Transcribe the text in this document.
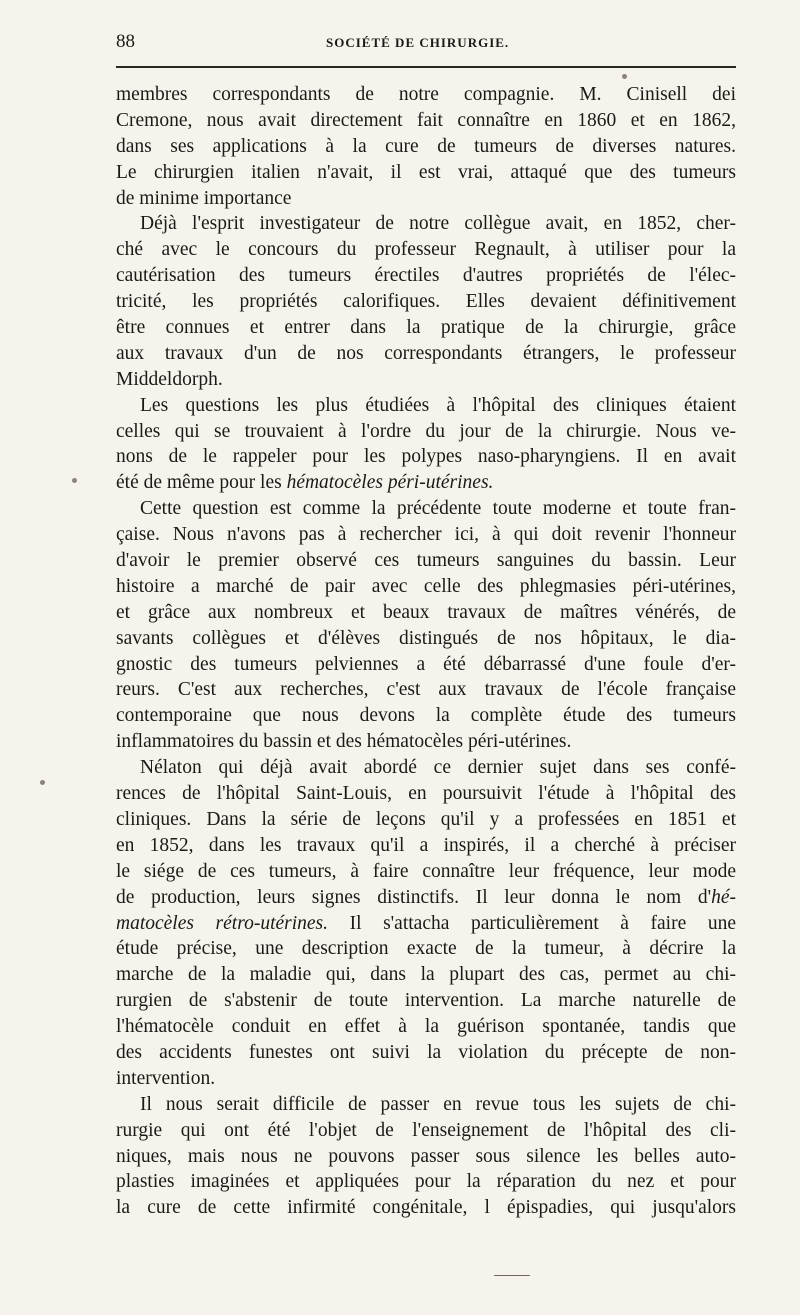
88	SOCIÉTÉ DE CHIRURGIE.
membres correspondants de notre compagnie. M. Cinisell dei
Cremone, nous avait directement fait connaître en 1860 et en 1862,
dans ses applications à la cure de tumeurs de diverses natures.
Le chirurgien italien n'avait, il est vrai, attaqué que des tumeurs
de minime importance
Déjà l'esprit investigateur de notre collègue avait, en 1852, cher-
ché avec le concours du professeur Regnault, à utiliser pour la
cautérisation des tumeurs érectiles d'autres propriétés de l'élec-
tricité, les propriétés calorifiques. Elles devaient définitivement
être connues et entrer dans la pratique de la chirurgie, grâce
aux travaux d'un de nos correspondants étrangers, le professeur
Middeldorph.
Les questions les plus étudiées à l'hôpital des cliniques étaient
celles qui se trouvaient à l'ordre du jour de la chirurgie. Nous ve-
nons de le rappeler pour les polypes naso-pharyngiens. Il en avait
été de même pour les hématocèles péri-utérines.
Cette question est comme la précédente toute moderne et toute fran-
çaise. Nous n'avons pas à rechercher ici, à qui doit revenir l'honneur
d'avoir le premier observé ces tumeurs sanguines du bassin. Leur
histoire a marché de pair avec celle des phlegmasies péri-utérines,
et grâce aux nombreux et beaux travaux de maîtres vénérés, de
savants collègues et d'élèves distingués de nos hôpitaux, le dia-
gnostic des tumeurs pelviennes a été débarrassé d'une foule d'er-
reurs. C'est aux recherches, c'est aux travaux de l'école française
contemporaine que nous devons la complète étude des tumeurs
inflammatoires du bassin et des hématocèles péri-utérines.
Nélaton qui déjà avait abordé ce dernier sujet dans ses confé-
rences de l'hôpital Saint-Louis, en poursuivit l'étude à l'hôpital des
cliniques. Dans la série de leçons qu'il y a professées en 1851 et
en 1852, dans les travaux qu'il a inspirés, il a cherché à préciser
le siége de ces tumeurs, à faire connaître leur fréquence, leur mode
de production, leurs signes distinctifs. Il leur donna le nom d'hé-
matocèles rétro-utérines. Il s'attacha particulièrement à faire une
étude précise, une description exacte de la tumeur, à décrire la
marche de la maladie qui, dans la plupart des cas, permet au chi-
rurgien de s'abstenir de toute intervention. La marche naturelle de
l'hématocèle conduit en effet à la guérison spontanée, tandis que
des accidents funestes ont suivi la violation du précepte de non-
intervention.
Il nous serait difficile de passer en revue tous les sujets de chi-
rurgie qui ont été l'objet de l'enseignement de l'hôpital des cli-
niques, mais nous ne pouvons passer sous silence les belles auto-
plasties imaginées et appliquées pour la réparation du nez et pour
la cure de cette infirmité congénitale, l épispadies, qui jusqu'alors
